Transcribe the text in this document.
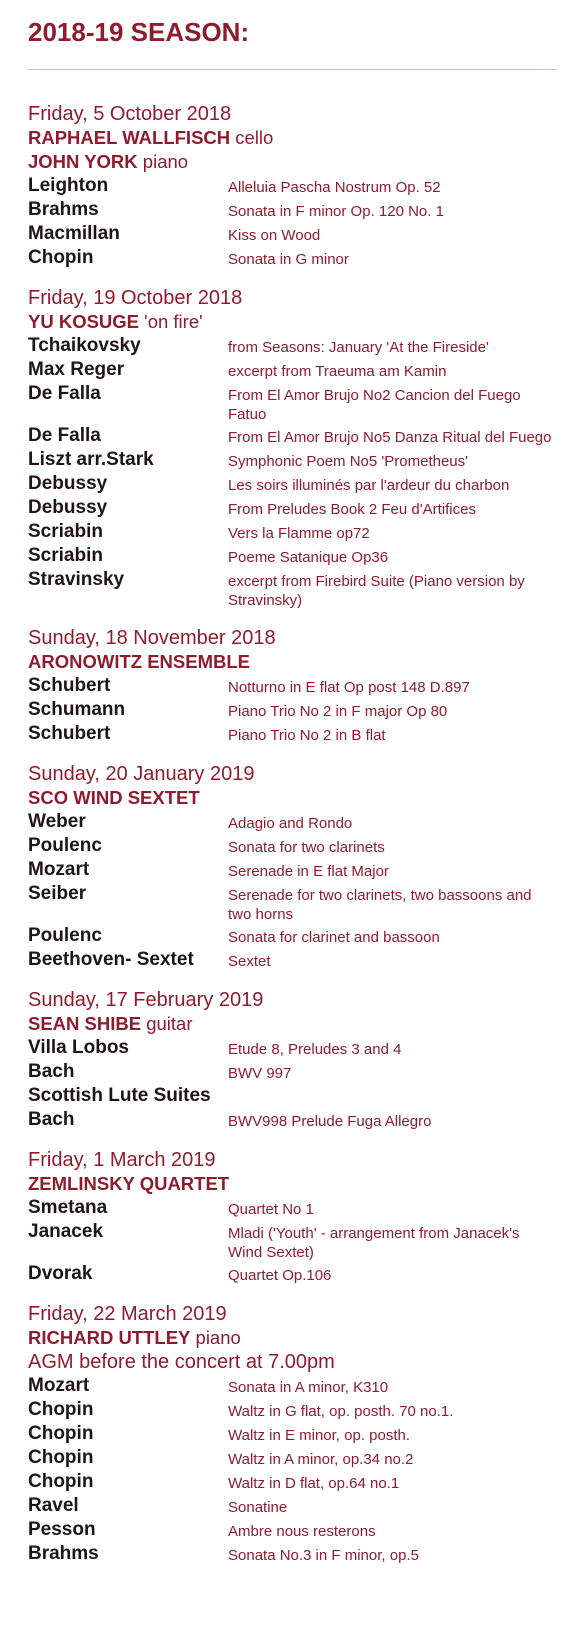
2018-19 SEASON:
Friday, 5 October 2018
RAPHAEL WALLFISCH cello
JOHN YORK piano
Leighton	Alleluia Pascha Nostrum Op. 52
Brahms	Sonata in F minor Op. 120 No. 1
Macmillan	Kiss on Wood
Chopin	Sonata in G minor
Friday, 19 October 2018
YU KOSUGE 'on fire'
Tchaikovsky	from Seasons: January 'At the Fireside'
Max Reger	excerpt from Traeuma am Kamin
De Falla	From El Amor Brujo No2 Cancion del Fuego Fatuo
De Falla	From El Amor Brujo No5 Danza Ritual del Fuego
Liszt arr.Stark	Symphonic Poem No5 'Prometheus'
Debussy	Les soirs illuminés par l'ardeur du charbon
Debussy	From Preludes Book 2 Feu d'Artifices
Scriabin	Vers la Flamme op72
Scriabin	Poeme Satanique Op36
Stravinsky	excerpt from Firebird Suite (Piano version by Stravinsky)
Sunday, 18 November 2018
ARONOWITZ ENSEMBLE
Schubert	Notturno in E flat Op post 148 D.897
Schumann	Piano Trio No 2 in F major Op 80
Schubert	Piano Trio No 2 in B flat
Sunday, 20 January 2019
SCO WIND SEXTET
Weber	Adagio and Rondo
Poulenc	Sonata for two clarinets
Mozart	Serenade in E flat Major
Seiber	Serenade for two clarinets, two bassoons and two horns
Poulenc	Sonata for clarinet and bassoon
Beethoven- Sextet	Sextet
Sunday, 17 February 2019
SEAN SHIBE guitar
Villa Lobos	Etude 8, Preludes 3 and 4
Bach	BWV 997
Scottish Lute Suites
Bach	BWV998 Prelude Fuga Allegro
Friday, 1 March 2019
ZEMLINSKY QUARTET
Smetana	Quartet No 1
Janacek	Mladi ('Youth' - arrangement from Janacek's Wind Sextet)
Dvorak	Quartet Op.106
Friday, 22 March 2019
RICHARD UTTLEY piano
AGM before the concert at 7.00pm
Mozart	Sonata in A minor, K310
Chopin	Waltz in G flat, op. posth. 70 no.1.
Chopin	Waltz in E minor, op. posth.
Chopin	Waltz in A minor, op.34 no.2
Chopin	Waltz in D flat, op.64 no.1
Ravel	Sonatine
Pesson	Ambre nous resterons
Brahms	Sonata No.3 in F minor, op.5
